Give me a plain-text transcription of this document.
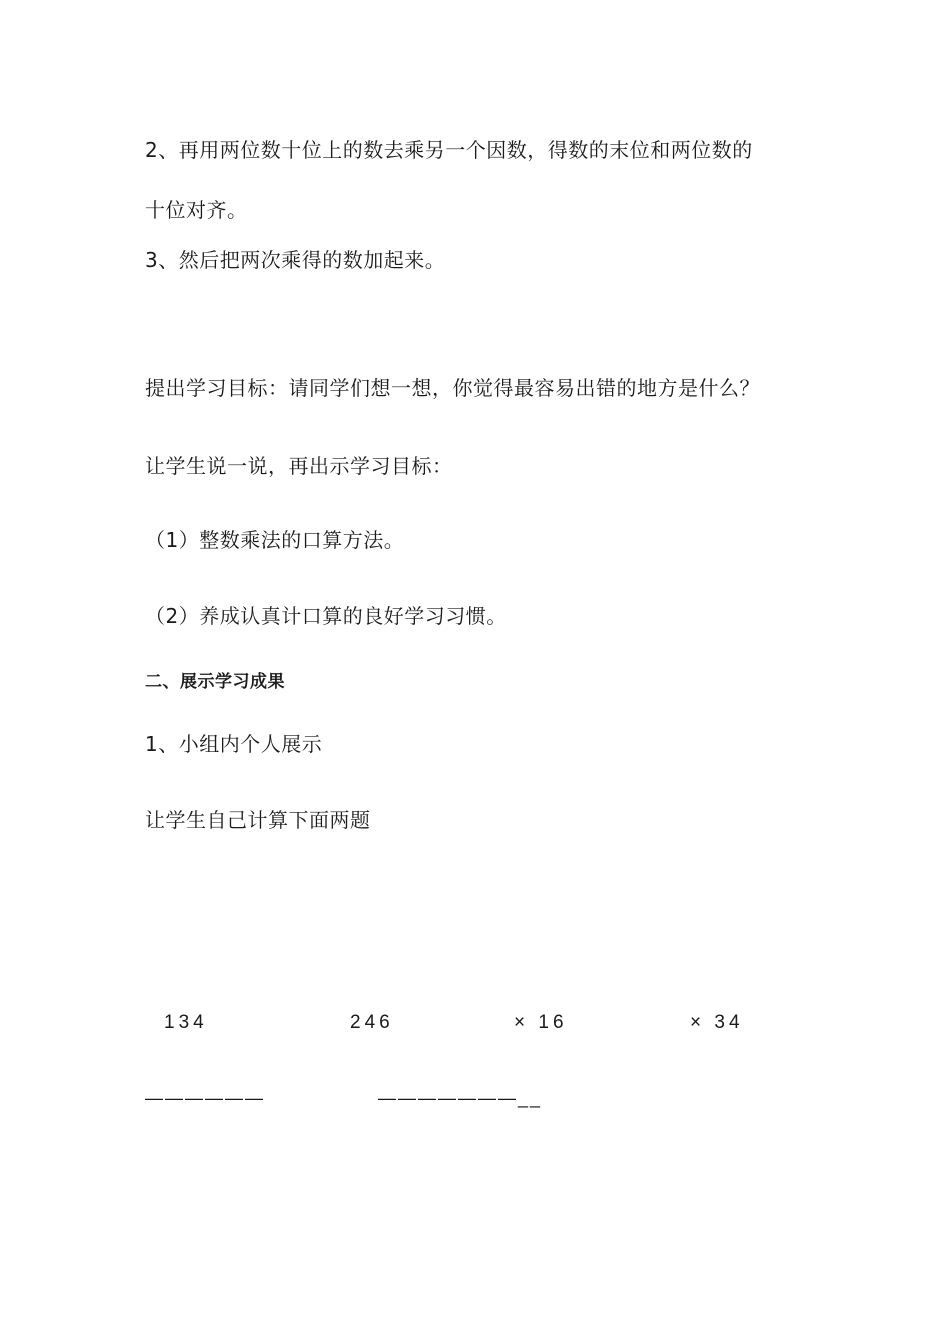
2、再用两位数十位上的数去乘另一个因数，得数的末位和两位数的
十位对齐。
3、然后把两次乘得的数加起来。
提出学习目标：请同学们想一想，你觉得最容易出错的地方是什么？
让学生说一说，再出示学习目标：
（1）整数乘法的口算方法。
（2）养成认真计口算的良好学习习惯。
二、展示学习成果
1、小组内个人展示
让学生自己计算下面两题
134	246	× 16	× 34
——————	———————__
